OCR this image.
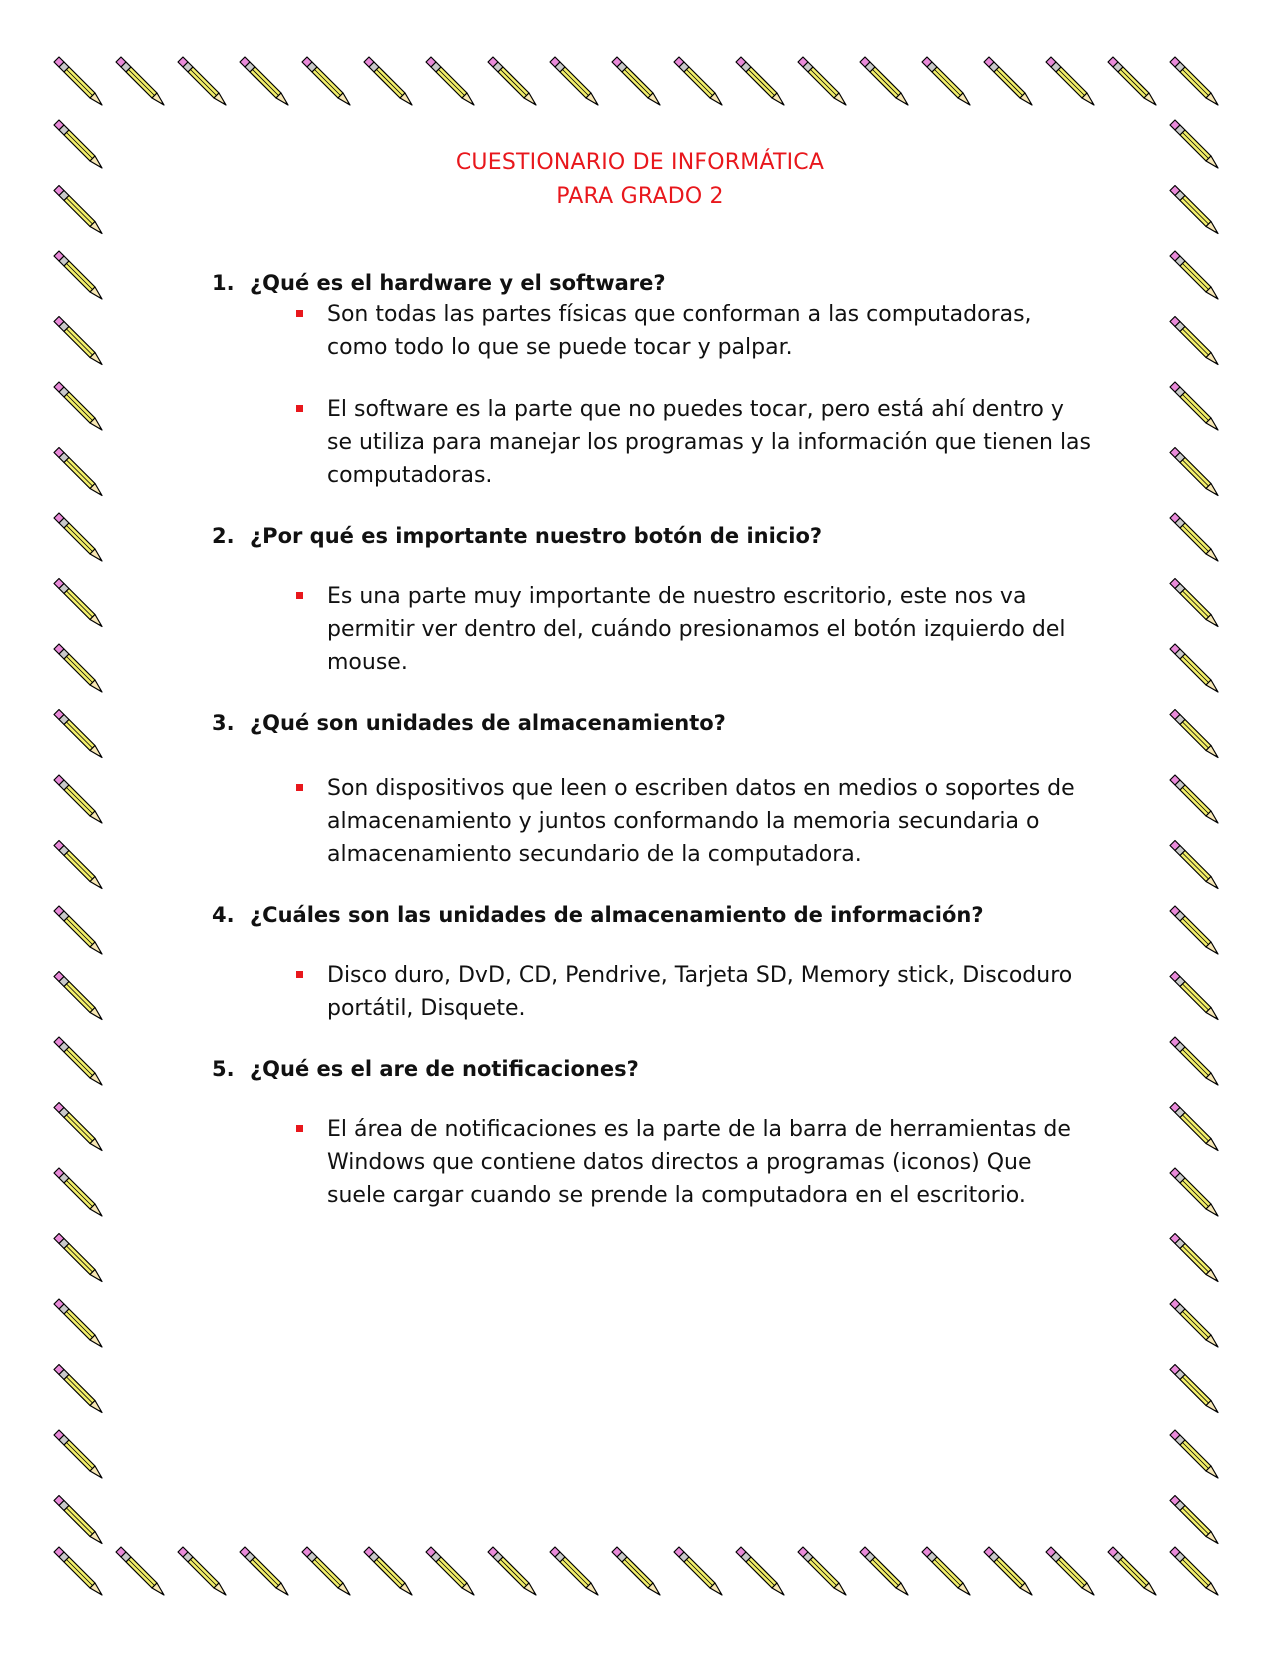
CUESTIONARIO DE INFORMÁTICA
PARA GRADO 2
1. ¿Qué es el hardware y el software?
Son todas las partes físicas que conforman a las computadoras, como todo lo que se puede tocar y palpar.
El software es la parte que no puedes tocar, pero está ahí dentro y se utiliza para manejar los programas y la información que tienen las computadoras.
2. ¿Por qué es importante nuestro botón de inicio?
Es una parte muy importante de nuestro escritorio, este nos va permitir ver dentro del, cuándo presionamos el botón izquierdo del mouse.
3. ¿Qué son unidades de almacenamiento?
Son dispositivos que leen o escriben datos en medios o soportes de almacenamiento y juntos conformando la memoria secundaria o almacenamiento secundario de la computadora.
4. ¿Cuáles son las unidades de almacenamiento de información?
Disco duro, DvD, CD, Pendrive, Tarjeta SD, Memory stick, Discoduro portátil, Disquete.
5. ¿Qué es el are de notificaciones?
El área de notificaciones es la parte de la barra de herramientas de Windows que contiene datos directos a programas (iconos) Que suele cargar cuando se prende la computadora en el escritorio.
